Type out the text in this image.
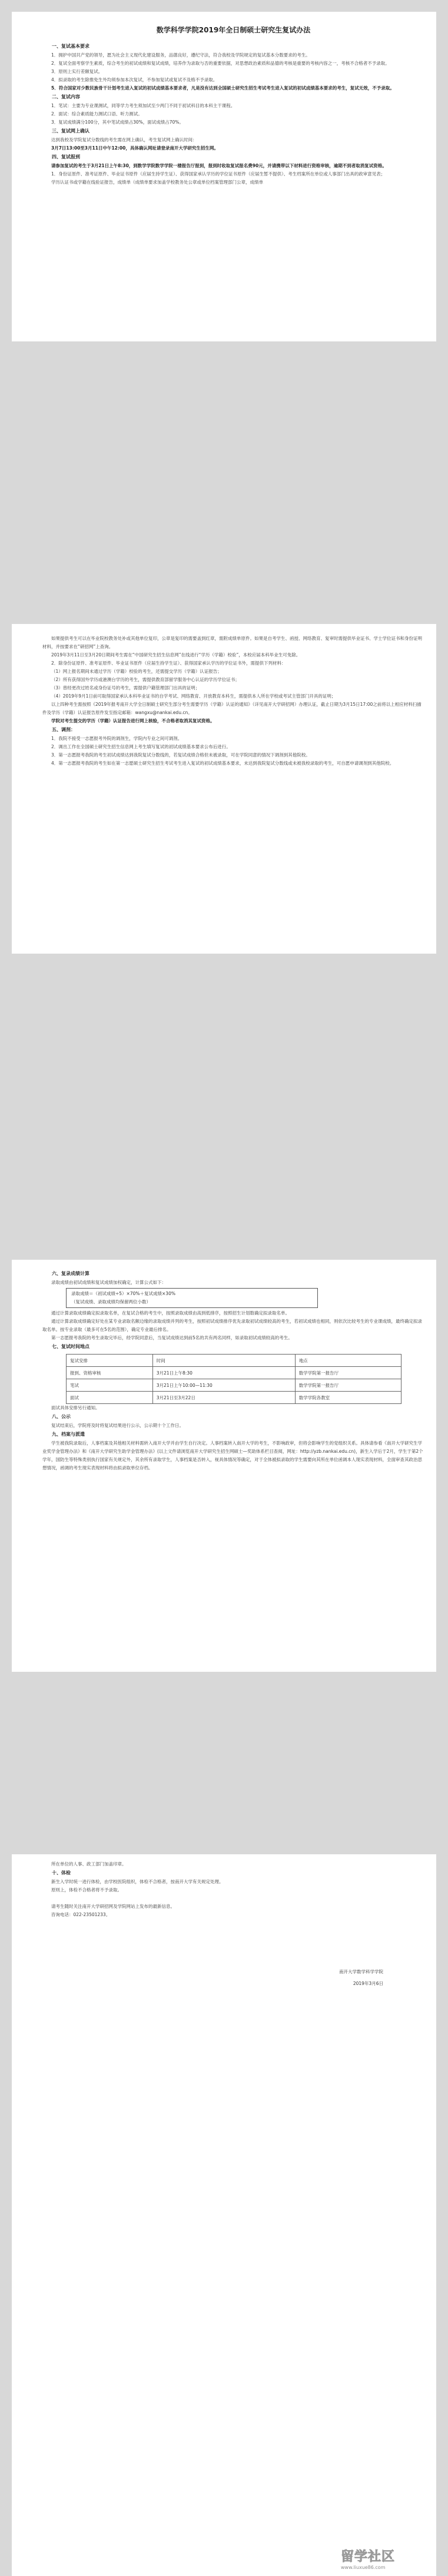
数学科学学院2019年全日制硕士研究生复试办法

一、复试基本要求

1．拥护中国共产党的领导，愿为社会主义现代化建设服务，品德良好，遵纪守法，符合我校及学院规定的复试基本分数要求的考生。

2．复试全面考察学生素质，综合考生的初试成绩和复试成绩，培养作为录取与否的重要依据，对思想政治素质和品德的考核是重要的考核内容之一，考核不合格者不予录取。

3．原则上实行差额复试。

4．拟录取的考生除推免生外均须参加本次复试，不参加复试或复试不及格不予录取。

5．符合国家对少数民族骨干计划考生进入复试的初试成绩基本要求者，凡是没有达到全国硕士研究生招生考试考生进入复试的初试成绩基本要求的考生，复试无效，不予录取。

二、复试内容

1．笔试：主要为专业课测试，同等学力考生须加试至少两门不同于初试科目的本科主干课程。

2．面试：综合素质能力测试口语、听力测试。

3．复试成绩满分100分，其中笔试成绩占30%，面试成绩占70%。

三、复试网上确认

达到我校及学院复试分数线的考生需在网上确认，考生复试网上确认时间：

3月7日13:00至3月11日中午12:00，具体确认网址请登录南开大学研究生招生网。

四、复试报到

请参加复试的考生于3月21日上午8:30，到数学学院数学学院一楼报告厅报到，报到时收取复试报名费90元，并请携带以下材料进行资格审核，逾期不到者取消复试资格。

1．身份证原件、准考证原件、毕业证书原件（应届生持学生证）、获得国家承认学历的学位证书原件（应届生暂不提供）、考生档案所在单位或人事部门出具的政审意见表；

学历认证书或学籍在线验证报告，成绩单（成绩单要求加盖学校教务处公章或单位档案管理部门公章，成绩单

如果提供考生可以在毕业院校教务处补或其他单位复印，公章是复印的需要盖到红章，需附成绩单原件。如果是自考学生、函授、网络教育、复审时需提供毕业证书、学士学位证书和身份证明材料，并按要求在“研招网”上查询。

2019年3月11日至3月20日期间考生需在“中国研究生招生信息网”在线进行“学历（学籍）校验”，本校应届本科毕业生可免除。

2．除身份证原件、准考证原件、毕业证书原件（应届生持学生证）、获得国家承认学历的学位证书外，需提供下列材料：

（1）网上报名期间未通过学历（学籍）校验的考生，还需提交学历（学籍）认证报告；

（2）所有获得国外学历或港澳台学历的考生，需提供教育部留学服务中心认证的学历学位证书；

（3）曾经更改过姓名或身份证号的考生，需提供户籍管理部门出具的证明；

（4）2019年9月1日前可取得国家承认本科毕业证书的自学考试、网络教育、开放教育本科生，需提供本人所在学校或考试主管部门开具的证明；

以上四种考生需按照《2019年报考南开大学全日制硕士研究生部分考生需要学历（学籍）认证的通知》（详见南开大学研招网）办理认证，截止日期为3月15日17:00之前将以上相应材料扫描件及学历（学籍）认证报告原件发至指定邮箱：wangxu@nankai.edu.cn。

学院对考生提交的学历（学籍）认证报告进行网上核验，不合格者取消其复试资格。

五、调剂：

1．我院不接受一志愿报考外院的调剂生，学院内专业之间可调剂。

2．调出工作在全国硕士研究生招生信息网上考生填写复试的初试成绩基本要求公布后进行。

3．第一志愿报考我院的考生初试成绩达到我院复试分数线的，若复试成绩合格但未被录取，可在学院同意的情况下调剂到其他院校。

4．第一志愿报考我院的考生如在第一志愿硕士研究生招生考试考生进入复试的初试成绩基本要求，未达到我院复试分数线或未被我校录取的考生，可自愿申请调剂到其他院校。

六、复录成绩计算

录取成绩由初试成绩和复试成绩加权确定，计算公式如下：

录取成绩＝（初试成绩÷5）×70%＋复试成绩×30%
（复试成绩、录取成绩均保留两位小数）

通过计算录取成绩确定拟录取名单，在复试合格的考生中，按照录取成绩由高到低排序，按照招生计划数确定拟录取名单。

通过计算录取成绩确定好处在某专业录取名额边缘的录取成绩并列的考生，按照初试成绩排序优先录取初试成绩较高的考生，若初试成绩也相同，则依次比较考生的专业课成绩，最终确定拟录取名单。按专业录取（最多可在5名的范围），确定专业最后排名。

第一志愿报考我院的考生录取完毕后，经学院同意后，当复试成绩达到前5名的共有两名同样，如录取初试成绩较高的考生。

七、复试时间地点

复试安排	时间	地点
报到、资格审核	3月21日上午8:30	数学学院第一报告厅
笔试	3月21日上午10:00—11:30	数学学院第一报告厅
面试	3月21日至3月22日	数学学院各教室

面试具体安排另行通知。

八、公示

复试结束后，学院将及时将复试结果进行公示，公示期十个工作日。

九、档案与派遣

学生被我院录取后，人事档案及其他相关材料需转入南开大学并由学生自行决定。人事档案转入南开大学的考生，不影响政审，但将会影响学生的党组织关系。具体请参看《南开大学研究生学业奖学金管理办法》和《南开大学研究生助学金管理办法》(以上文件请浏览南开大学研究生招生网硕士—奖助体系栏目查阅，网址：http://yzb.nankai.edu.cn)，新生入学后于2月，学生于第2个学年，国防生等特殊类别执行国家有关规定外，其余所有录取学生，人事档案是否转入，视具体情况等确定，对于全体被拟录取的学生需要向其所在单位函调本人现实表现材料，全面审查其政治思想情况，函调的考生现实表现材料将由拟录取单位存档。

所在单位的人事、政工部门加盖印章。

十、体检

新生入学时统一进行体检，由学校医院组织，体检不合格者，按南开大学有关规定处理。

原则上，体检不合格者将不予录取。

请考生随时关注南开大学研招网及学院网站上发布的最新信息。

咨询电话：022-23501233。

南开大学数学科学学院

2019年3月6日

留学社区
www.liuxue86.com
